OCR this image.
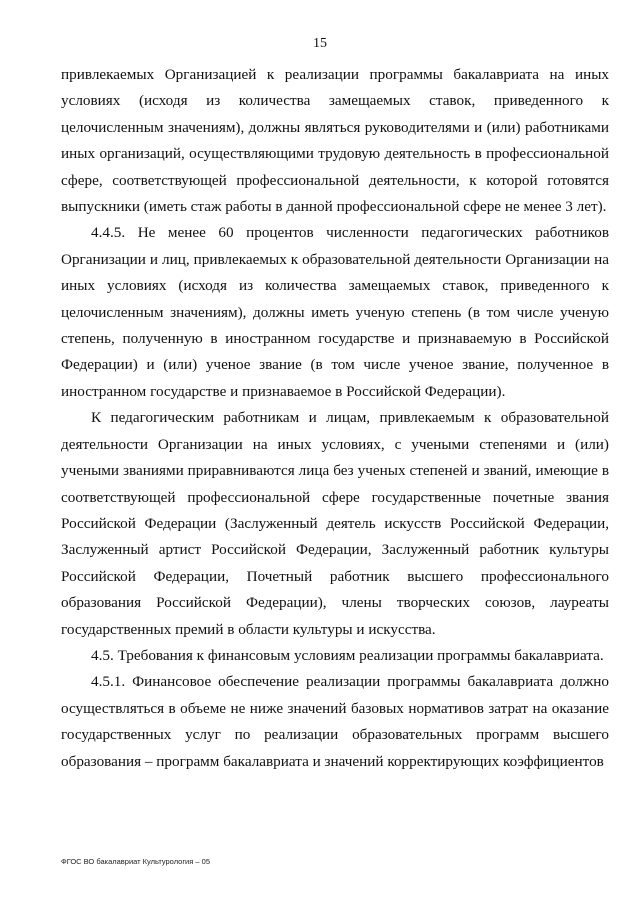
15

привлекаемых Организацией к реализации программы бакалавриата на иных условиях (исходя из количества замещаемых ставок, приведенного к целочисленным значениям), должны являться руководителями и (или) работниками иных организаций, осуществляющими трудовую деятельность в профессиональной сфере, соответствующей профессиональной деятельности, к которой готовятся выпускники (иметь стаж работы в данной профессиональной сфере не менее 3 лет).

4.4.5. Не менее 60 процентов численности педагогических работников Организации и лиц, привлекаемых к образовательной деятельности Организации на иных условиях (исходя из количества замещаемых ставок, приведенного к целочисленным значениям), должны иметь ученую степень (в том числе ученую степень, полученную в иностранном государстве и признаваемую в Российской Федерации) и (или) ученое звание (в том числе ученое звание, полученное в иностранном государстве и признаваемое в Российской Федерации).

К педагогическим работникам и лицам, привлекаемым к образовательной деятельности Организации на иных условиях, с учеными степенями и (или) учеными званиями приравниваются лица без ученых степеней и званий, имеющие в соответствующей профессиональной сфере государственные почетные звания Российской Федерации (Заслуженный деятель искусств Российской Федерации, Заслуженный артист Российской Федерации, Заслуженный работник культуры Российской Федерации, Почетный работник высшего профессионального образования Российской Федерации), члены творческих союзов, лауреаты государственных премий в области культуры и искусства.

4.5. Требования к финансовым условиям реализации программы бакалавриата.

4.5.1. Финансовое обеспечение реализации программы бакалавриата должно осуществляться в объеме не ниже значений базовых нормативов затрат на оказание государственных услуг по реализации образовательных программ высшего образования – программ бакалавриата и значений корректирующих коэффициентов

ФГОС ВО бакалавриат Культурология – 05
